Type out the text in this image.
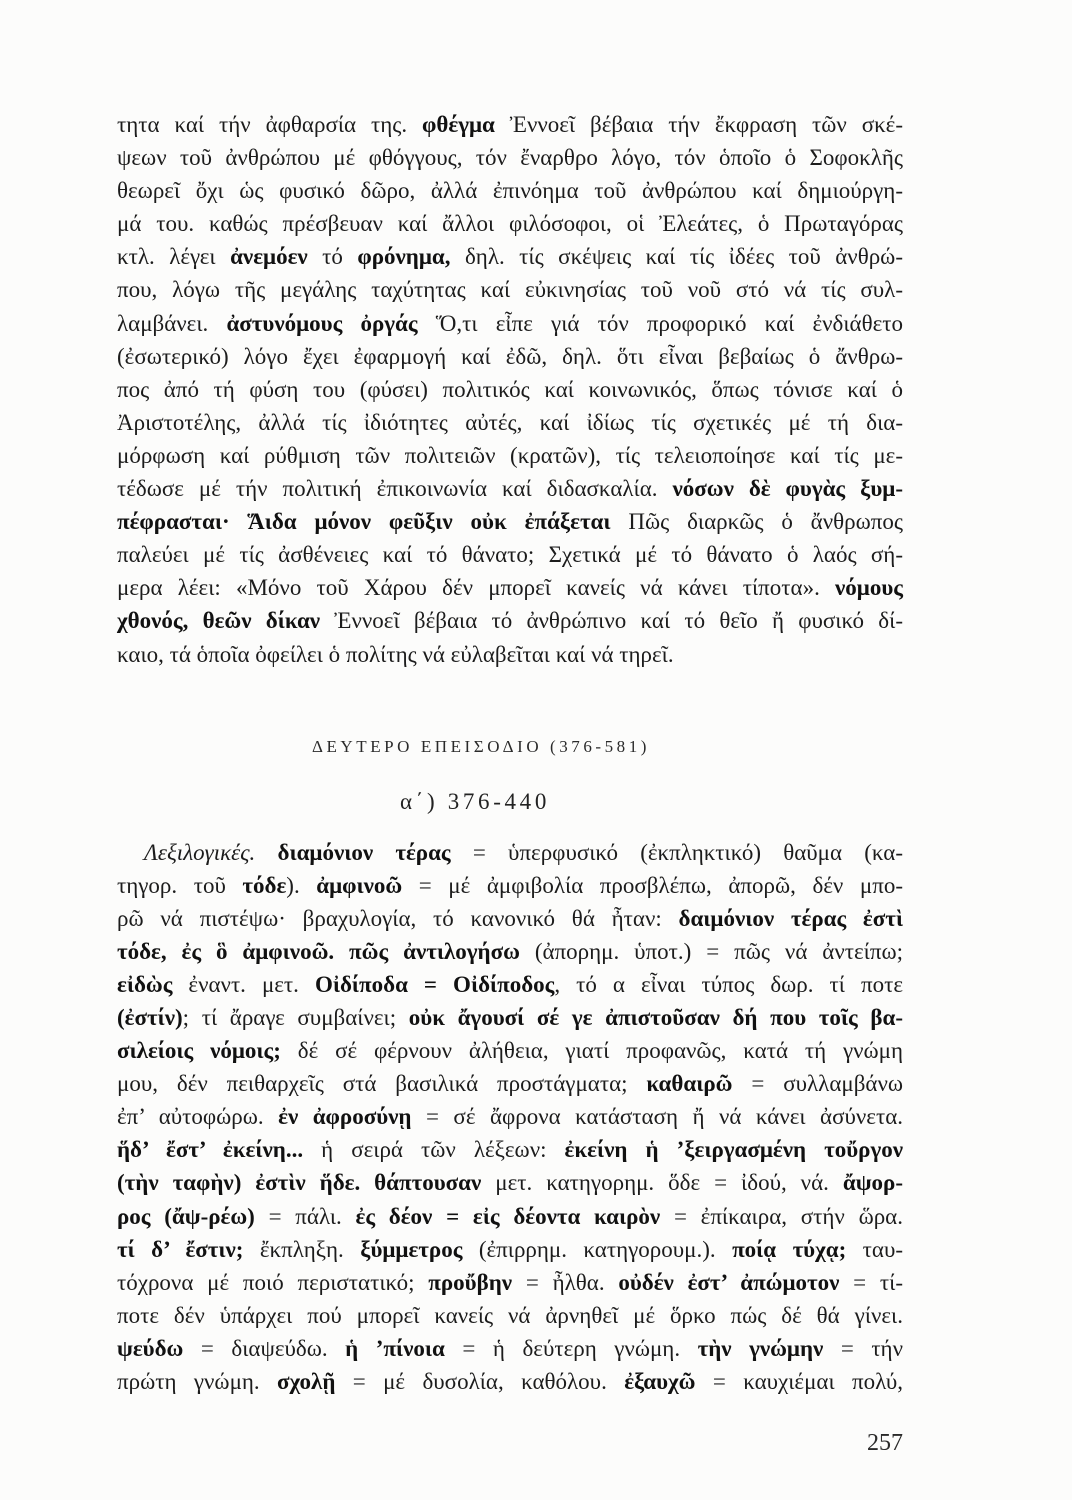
τητα καί τήν ἀφθαρσία της. φθέγμα Ἐννοεῖ βέβαια τήν ἔκφραση τῶν σκέ-
ψεων τοῦ ἀνθρώπου μέ φθόγγους, τόν ἔναρθρο λόγο, τόν ὁποῖο ὁ Σοφοκλῆς
θεωρεῖ ὄχι ὡς φυσικό δῶρο, ἀλλά ἐπινόημα τοῦ ἀνθρώπου καί δημιούργη-
μά του. καθώς πρέσβευαν καί ἄλλοι φιλόσοφοι, οἱ Ἐλεάτες, ὁ Πρωταγόρας
κτλ. λέγει ἀνεμόεν τό φρόνημα, δηλ. τίς σκέψεις καί τίς ἰδέες τοῦ ἀνθρώ-
που, λόγω τῆς μεγάλης ταχύτητας καί εὐκινησίας τοῦ νοῦ στό νά τίς συλ-
λαμβάνει. ἀστυνόμους ὀργάς Ὅ,τι εἶπε γιά τόν προφορικό καί ἐνδιάθετο
(ἐσωτερικό) λόγο ἔχει ἐφαρμογή καί ἐδῶ, δηλ. ὅτι εἶναι βεβαίως ὁ ἄνθρω-
πος ἀπό τή φύση του (φύσει) πολιτικός καί κοινωνικός, ὅπως τόνισε καί ὁ
Ἀριστοτέλης, ἀλλά τίς ἰδιότητες αὐτές, καί ἰδίως τίς σχετικές μέ τή δια-
μόρφωση καί ρύθμιση τῶν πολιτειῶν (κρατῶν), τίς τελειοποίησε καί τίς με-
τέδωσε μέ τήν πολιτική ἐπικοινωνία καί διδασκαλία. νόσων δὲ φυγὰς ξυμ-
πέφρασται· Ἅιδα μόνον φεῦξιν οὐκ ἐπάξεται Πῶς διαρκῶς ὁ ἄνθρωπος
παλεύει μέ τίς ἀσθένειες καί τό θάνατο; Σχετικά μέ τό θάνατο ὁ λαός σή-
μερα λέει: «Μόνο τοῦ Χάρου δέν μπορεῖ κανείς νά κάνει τίποτα». νόμους
χθονός, θεῶν δίκαν Ἐννοεῖ βέβαια τό ἀνθρώπινο καί τό θεῖο ἤ φυσικό δί-
καιο, τά ὁποῖα ὀφείλει ὁ πολίτης νά εὐλαβεῖται καί νά τηρεῖ.
ΔΕΥΤΕΡΟ ΕΠΕΙΣΟΔΙΟ (376-581)
α΄) 376-440
Λεξιλογικές. διαμόνιον τέρας = ὑπερφυσικό (ἐκπληκτικό) θαῦμα (κα-
τηγορ. τοῦ τόδε). ἀμφινοῶ = μέ ἀμφιβολία προσβλέπω, ἀπορῶ, δέν μπο-
ρῶ νά πιστέψω· βραχυλογία, τό κανονικό θά ἦταν: δαιμόνιον τέρας ἐστὶ
τόδε, ἐς ὃ ἀμφινοῶ. πῶς ἀντιλογήσω (ἀπορημ. ὑποτ.) = πῶς νά ἀντείπω;
εἰδὼς ἐναντ. μετ. Οἰδίποδα = Οἰδίποδος, τό α εἶναι τύπος δωρ. τί ποτε
(ἐστίν); τί ἄραγε συμβαίνει; οὐκ ἄγουσί σέ γε ἀπιστοῦσαν δή που τοῖς βα-
σιλείοις νόμοις; δέ σέ φέρνουν ἀλήθεια, γιατί προφανῶς, κατά τή γνώμη
μου, δέν πειθαρχεῖς στά βασιλικά προστάγματα; καθαιρῶ = συλλαμβάνω
ἐπ’ αὐτοφώρω. ἐν ἀφροσύνῃ = σέ ἄφρονα κατάσταση ἤ νά κάνει ἀσύνετα.
ἥδ’ ἔστ’ ἐκείνη... ἡ σειρά τῶν λέξεων: ἐκείνη ἡ ’ξειργασμένη τοὔργον
(τὴν ταφὴν) ἐστὶν ἥδε. θάπτουσαν μετ. κατηγορημ. ὅδε = ἰδού, νά. ἄψορ-
ρος (ἄψ-ρέω) = πάλι. ἐς δέον = εἰς δέοντα καιρὸν = ἐπίκαιρα, στήν ὥρα.
τί δ’ ἔστιν; ἔκπληξη. ξύμμετρος (ἐπιρρημ. κατηγορουμ.). ποίᾳ τύχᾳ; ταυ-
τόχρονα μέ ποιό περιστατικό; προὔβην = ἦλθα. οὐδέν ἐστ’ ἀπώμοτον = τί-
ποτε δέν ὑπάρχει πού μπορεῖ κανείς νά ἀρνηθεῖ μέ ὅρκο πώς δέ θά γίνει.
ψεύδω = διαψεύδω. ἡ ’πίνοια = ἡ δεύτερη γνώμη. τὴν γνώμην = τήν
πρώτη γνώμη. σχολῇ = μέ δυσολία, καθόλου. ἐξαυχῶ = καυχιέμαι πολύ,
257
